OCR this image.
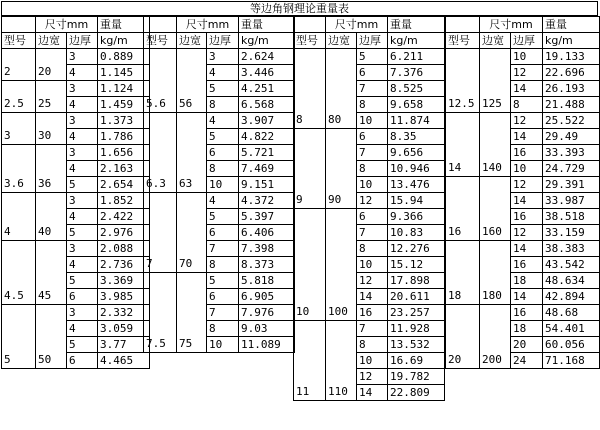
等边角钢理论重量表
	尺寸mm		重量
型号	边宽	边厚	kg/m
2	20	3	0.889
		4	1.145
2.5	25	3	1.124
		4	1.459
3	30	3	1.373
		4	1.786
3.6	36	3	1.656
		4	2.163
		5	2.654
4	40	3	1.852
		4	2.422
		5	2.976
4.5	45	3	2.088
		4	2.736
		5	3.369
		6	3.985
5	50	3	2.332
		4	3.059
		5	3.77
		6	4.465
	尺寸mm		重量
型号	边宽	边厚	kg/m
5.6	56	3	2.624
		4	3.446
		5	4.251
		8	6.568
6.3	63	4	3.907
		5	4.822
		6	5.721
		8	7.469
		10	9.151
7	70	4	4.372
		5	5.397
		6	6.406
		7	7.398
		8	8.373
7.5	75	5	5.818
		6	6.905
		7	7.976
		8	9.03
		10	11.089
	尺寸mm		重量
型号	边宽	边厚	kg/m
8	80	5	6.211
		6	7.376
		7	8.525
		8	9.658
		10	11.874
9	90	6	8.35
		7	9.656
		8	10.946
		10	13.476
		12	15.94
10	100	6	9.366
		7	10.83
		8	12.276
		10	15.12
		12	17.898
		14	20.611
		16	23.257
11	110	7	11.928
		8	13.532
		10	16.69
		12	19.782
		14	22.809
	尺寸mm		重量
型号	边宽	边厚	kg/m
12.5	125	10	19.133
		12	22.696
		14	26.193
		8	21.488
14	140	12	25.522
		14	29.49
		16	33.393
		10	24.729
16	160	12	29.391
		14	33.987
		16	38.518
		12	33.159
18	180	14	38.383
		16	43.542
		18	48.634
		14	42.894
20	200	16	48.68
		18	54.401
		20	60.056
		24	71.168
